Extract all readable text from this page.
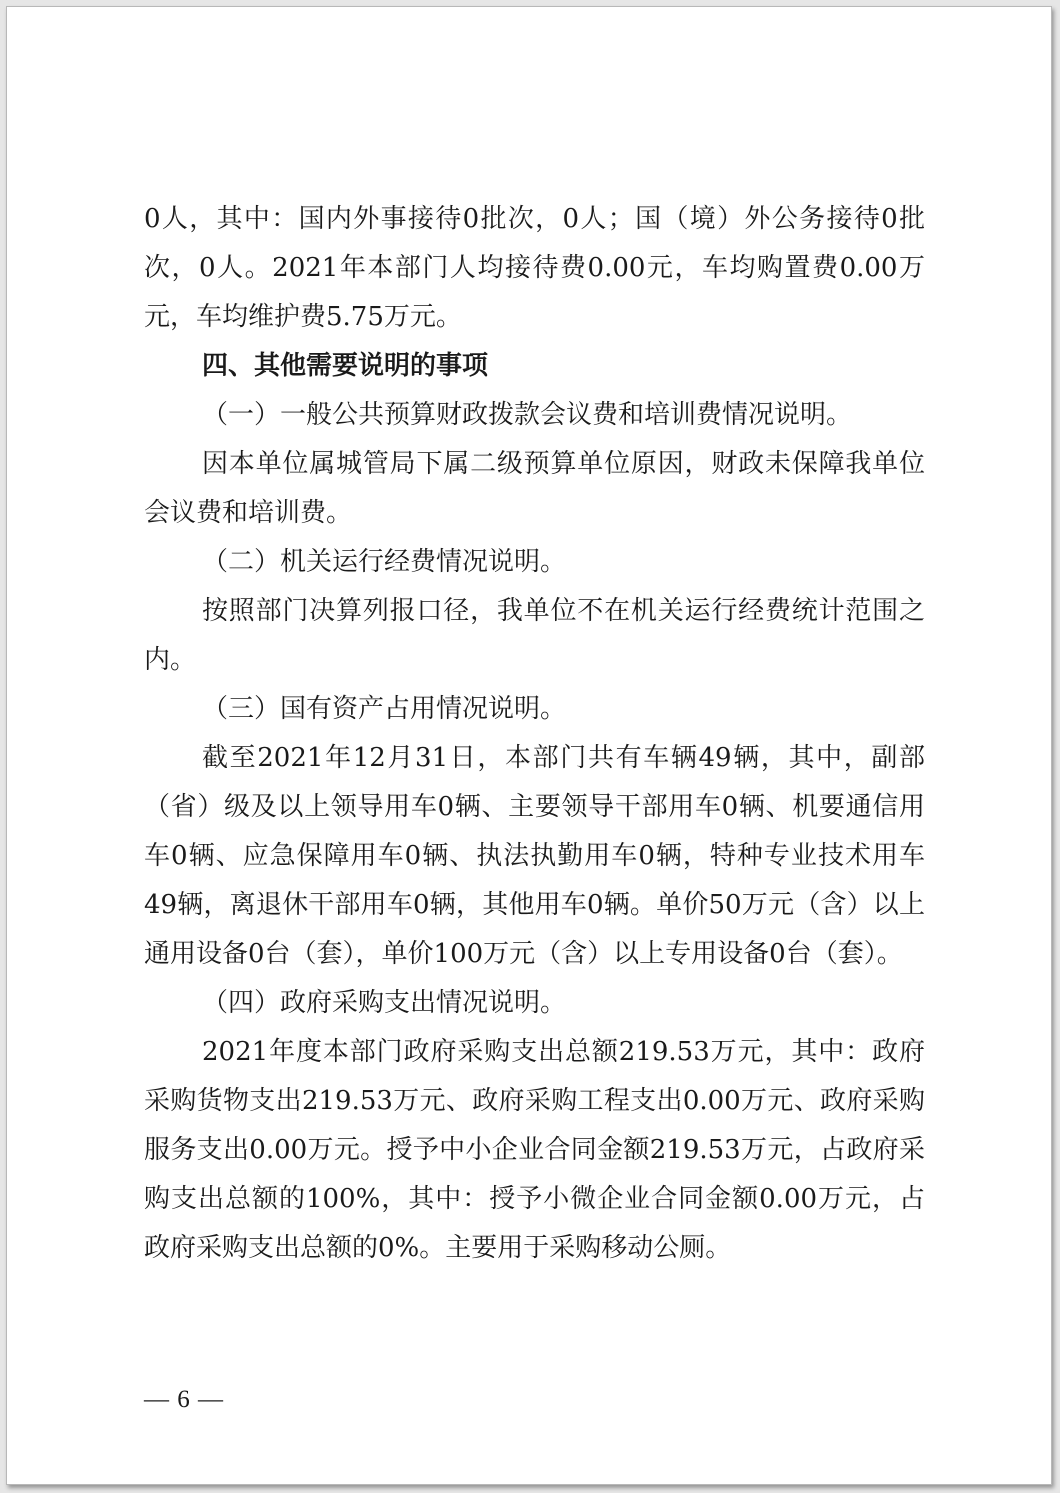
0人，其中：国内外事接待0批次，0人；国（境）外公务接待0批次，0人。2021年本部门人均接待费0.00元，车均购置费0.00万元，车均维护费5.75万元。

四、其他需要说明的事项

（一）一般公共预算财政拨款会议费和培训费情况说明。

因本单位属城管局下属二级预算单位原因，财政未保障我单位会议费和培训费。

（二）机关运行经费情况说明。

按照部门决算列报口径，我单位不在机关运行经费统计范围之内。

（三）国有资产占用情况说明。

截至2021年12月31日，本部门共有车辆49辆，其中，副部（省）级及以上领导用车0辆、主要领导干部用车0辆、机要通信用车0辆、应急保障用车0辆、执法执勤用车0辆，特种专业技术用车49辆，离退休干部用车0辆，其他用车0辆。单价50万元（含）以上通用设备0台（套），单价100万元（含）以上专用设备0台（套）。

（四）政府采购支出情况说明。

2021年度本部门政府采购支出总额219.53万元，其中：政府采购货物支出219.53万元、政府采购工程支出0.00万元、政府采购服务支出0.00万元。授予中小企业合同金额219.53万元，占政府采购支出总额的100%，其中：授予小微企业合同金额0.00万元，占政府采购支出总额的0%。主要用于采购移动公厕。

— 6 —
